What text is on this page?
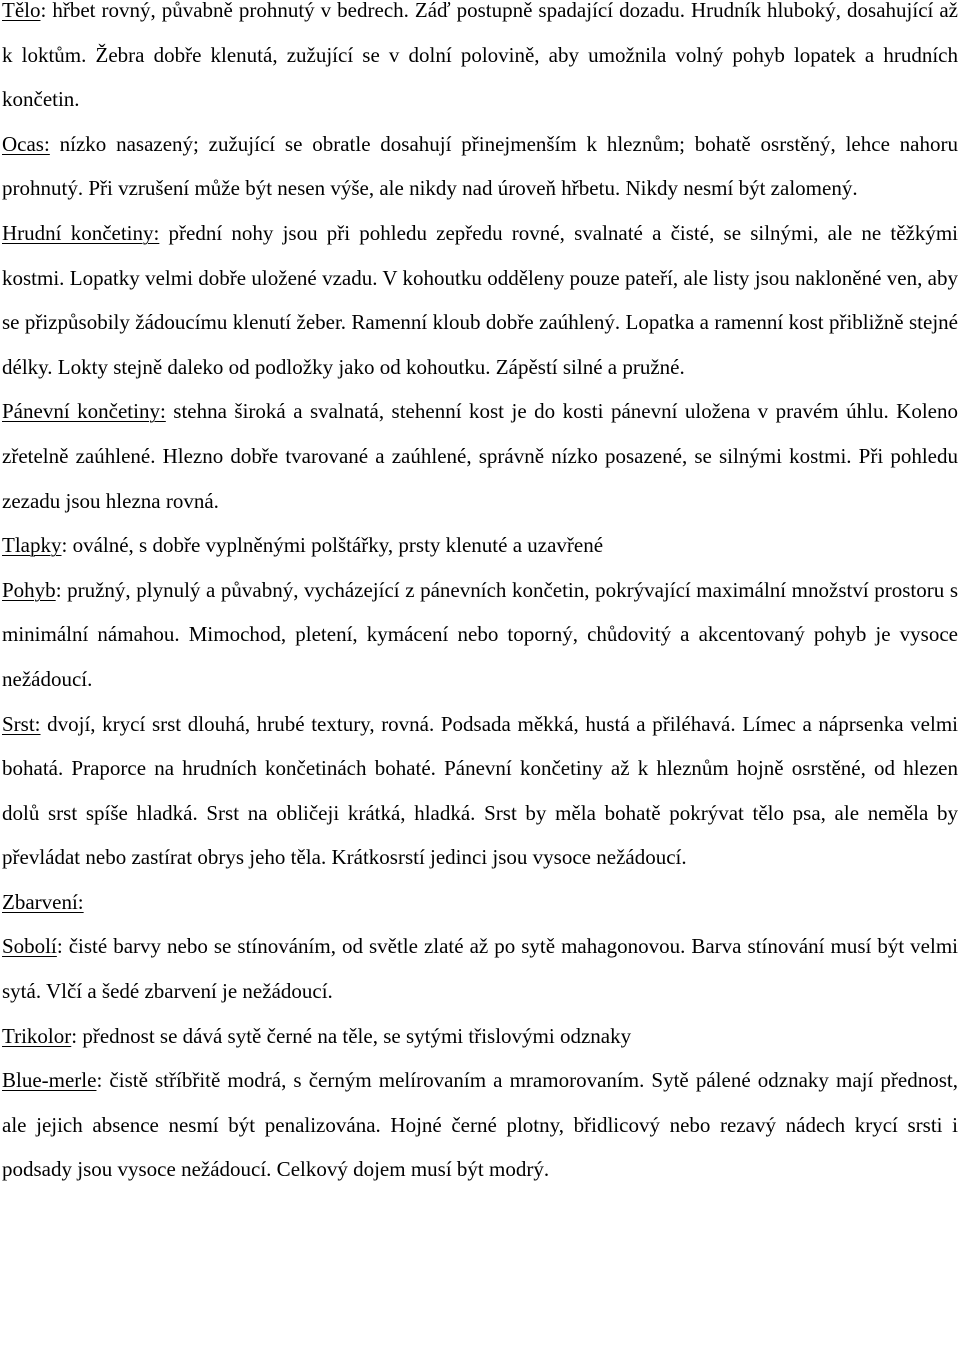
Tělo: hřbet rovný, půvabně prohnutý v bedrech. Záď postupně spadající dozadu. Hrudník hluboký, dosahující až k loktům. Žebra dobře klenutá, zužující se v dolní polovině, aby umožnila volný pohyb lopatek a hrudních končetin.

Ocas: nízko nasazený; zužující se obratle dosahují přinejmenším k hleznům; bohatě osrstěný, lehce nahoru prohnutý. Při vzrušení může být nesen výše, ale nikdy nad úroveň hřbetu. Nikdy nesmí být zalomený.

Hrudní končetiny: přední nohy jsou při pohledu zepředu rovné, svalnaté a čisté, se silnými, ale ne těžkými kostmi. Lopatky velmi dobře uložené vzadu. V kohoutku odděleny pouze pateří, ale listy jsou nakloněné ven, aby se přizpůsobily žádoucímu klenutí žeber. Ramenní kloub dobře zaúhlený. Lopatka a ramenní kost přibližně stejné délky. Lokty stejně daleko od podložky jako od kohoutku. Zápěstí silné a pružné.

Pánevní končetiny: stehna široká a svalnatá, stehenní kost je do kosti pánevní uložena v pravém úhlu. Koleno zřetelně zaúhlené. Hlezno dobře tvarované a zaúhlené, správně nízko posazené, se silnými kostmi. Při pohledu zezadu jsou hlezna rovná.

Tlapky: oválné, s dobře vyplněnými polštářky, prsty klenuté a uzavřené

Pohyb: pružný, plynulý a půvabný, vycházející z pánevních končetin, pokrývající maximální množství prostoru s minimální námahou. Mimochod, pletení, kymácení nebo toporný, chůdovitý a akcentovaný pohyb je vysoce nežádoucí.

Srst: dvojí, krycí srst dlouhá, hrubé textury, rovná. Podsada měkká, hustá a přiléhavá. Límec a náprsenka velmi bohatá. Praporce na hrudních končetinách bohaté. Pánevní končetiny až k hleznům hojně osrstěné, od hlezen dolů srst spíše hladká. Srst na obličeji krátká, hladká. Srst by měla bohatě pokrývat tělo psa, ale neměla by převládat nebo zastírat obrys jeho těla. Krátkosrstí jedinci jsou vysoce nežádoucí.

Zbarvení:

Sobolí: čisté barvy nebo se stínováním, od světle zlaté až po sytě mahagonovou. Barva stínování musí být velmi sytá. Vlčí a šedé zbarvení je nežádoucí.

Trikolor: přednost se dává sytě černé na těle, se sytými třislovými odznaky

Blue-merle: čistě stříbřitě modrá, s černým melírovaním a mramorovaním. Sytě pálené odznaky mají přednost, ale jejich absence nesmí být penalizována. Hojné černé plotny, břidlicový nebo rezavý nádech krycí srsti i podsady jsou vysoce nežádoucí. Celkový dojem musí být modrý.
